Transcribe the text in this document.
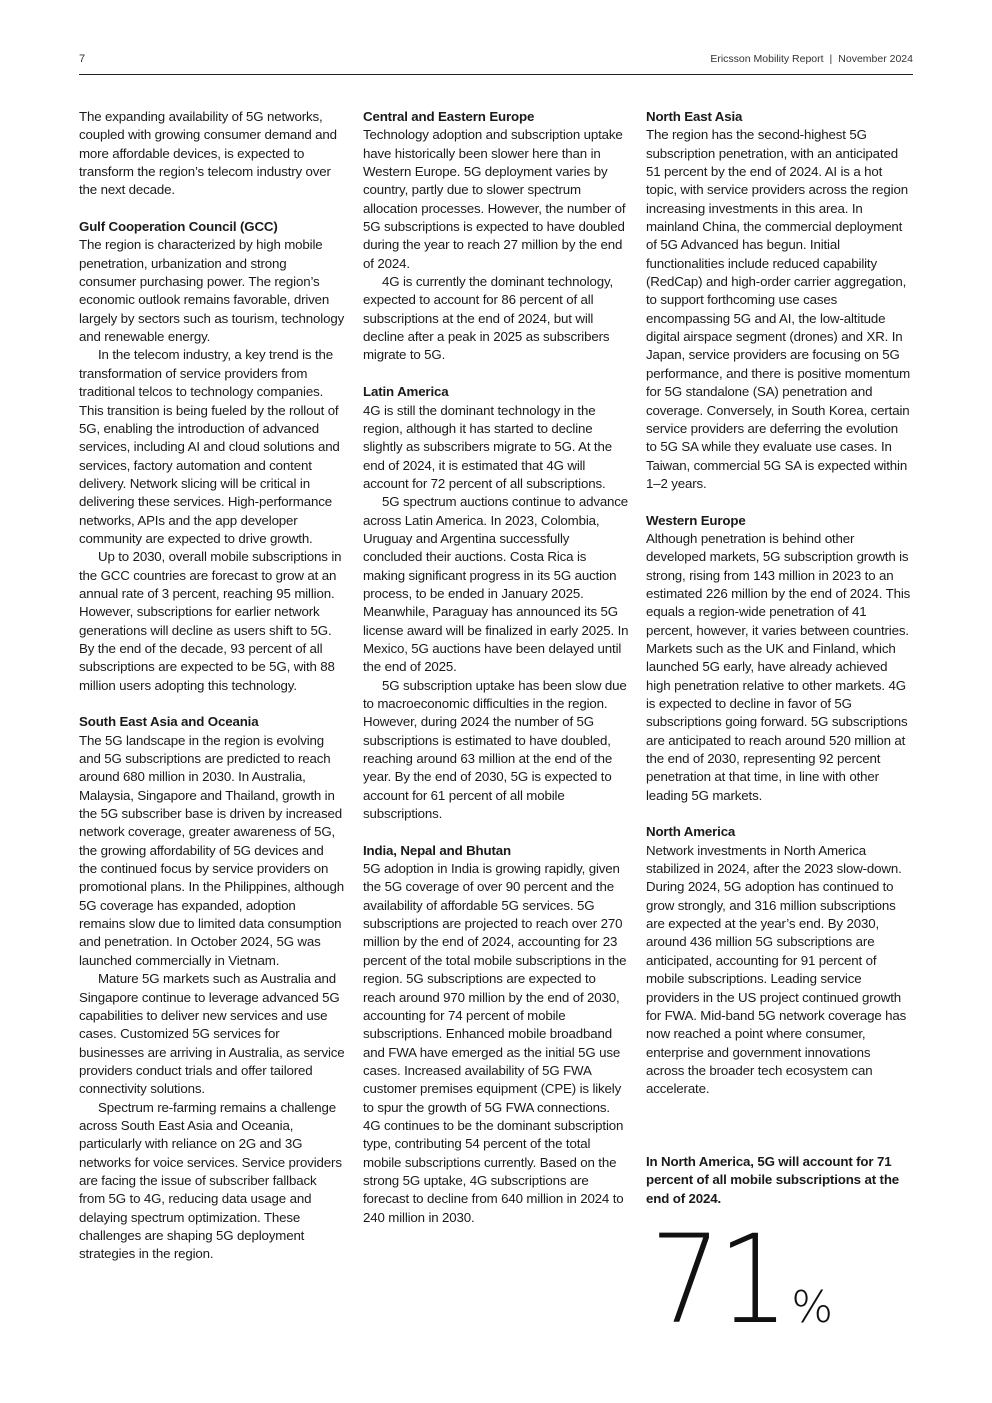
7	Ericsson Mobility Report | November 2024

The expanding availability of 5G networks, coupled with growing consumer demand and more affordable devices, is expected to transform the region’s telecom industry over the next decade.

Gulf Cooperation Council (GCC)

The region is characterized by high mobile penetration, urbanization and strong consumer purchasing power. The region’s economic outlook remains favorable, driven largely by sectors such as tourism, technology and renewable energy.

In the telecom industry, a key trend is the transformation of service providers from traditional telcos to technology companies. This transition is being fueled by the rollout of 5G, enabling the introduction of advanced services, including AI and cloud solutions and services, factory automation and content delivery. Network slicing will be critical in delivering these services. High-performance networks, APIs and the app developer community are expected to drive growth.

Up to 2030, overall mobile subscriptions in the GCC countries are forecast to grow at an annual rate of 3 percent, reaching 95 million. However, subscriptions for earlier network generations will decline as users shift to 5G. By the end of the decade, 93 percent of all subscriptions are expected to be 5G, with 88 million users adopting this technology.

South East Asia and Oceania

The 5G landscape in the region is evolving and 5G subscriptions are predicted to reach around 680 million in 2030. In Australia, Malaysia, Singapore and Thailand, growth in the 5G subscriber base is driven by increased network coverage, greater awareness of 5G, the growing affordability of 5G devices and the continued focus by service providers on promotional plans. In the Philippines, although 5G coverage has expanded, adoption remains slow due to limited data consumption and penetration. In October 2024, 5G was launched commercially in Vietnam.

Mature 5G markets such as Australia and Singapore continue to leverage advanced 5G capabilities to deliver new services and use cases. Customized 5G services for businesses are arriving in Australia, as service providers conduct trials and offer tailored connectivity solutions.

Spectrum re-farming remains a challenge across South East Asia and Oceania, particularly with reliance on 2G and 3G networks for voice services. Service providers are facing the issue of subscriber fallback from 5G to 4G, reducing data usage and delaying spectrum optimization. These challenges are shaping 5G deployment strategies in the region.

Central and Eastern Europe

Technology adoption and subscription uptake have historically been slower here than in Western Europe. 5G deployment varies by country, partly due to slower spectrum allocation processes. However, the number of 5G subscriptions is expected to have doubled during the year to reach 27 million by the end of 2024.

4G is currently the dominant technology, expected to account for 86 percent of all subscriptions at the end of 2024, but will decline after a peak in 2025 as subscribers migrate to 5G.

Latin America

4G is still the dominant technology in the region, although it has started to decline slightly as subscribers migrate to 5G. At the end of 2024, it is estimated that 4G will account for 72 percent of all subscriptions.

5G spectrum auctions continue to advance across Latin America. In 2023, Colombia, Uruguay and Argentina successfully concluded their auctions. Costa Rica is making significant progress in its 5G auction process, to be ended in January 2025. Meanwhile, Paraguay has announced its 5G license award will be finalized in early 2025. In Mexico, 5G auctions have been delayed until the end of 2025.

5G subscription uptake has been slow due to macroeconomic difficulties in the region. However, during 2024 the number of 5G subscriptions is estimated to have doubled, reaching around 63 million at the end of the year. By the end of 2030, 5G is expected to account for 61 percent of all mobile subscriptions.

India, Nepal and Bhutan

5G adoption in India is growing rapidly, given the 5G coverage of over 90 percent and the availability of affordable 5G services. 5G subscriptions are projected to reach over 270 million by the end of 2024, accounting for 23 percent of the total mobile subscriptions in the region. 5G subscriptions are expected to reach around 970 million by the end of 2030, accounting for 74 percent of mobile subscriptions. Enhanced mobile broadband and FWA have emerged as the initial 5G use cases. Increased availability of 5G FWA customer premises equipment (CPE) is likely to spur the growth of 5G FWA connections. 4G continues to be the dominant subscription type, contributing 54 percent of the total mobile subscriptions currently. Based on the strong 5G uptake, 4G subscriptions are forecast to decline from 640 million in 2024 to 240 million in 2030.

North East Asia

The region has the second-highest 5G subscription penetration, with an anticipated 51 percent by the end of 2024. AI is a hot topic, with service providers across the region increasing investments in this area. In mainland China, the commercial deployment of 5G Advanced has begun. Initial functionalities include reduced capability (RedCap) and high-order carrier aggregation, to support forthcoming use cases encompassing 5G and AI, the low-altitude digital airspace segment (drones) and XR. In Japan, service providers are focusing on 5G performance, and there is positive momentum for 5G standalone (SA) penetration and coverage. Conversely, in South Korea, certain service providers are deferring the evolution to 5G SA while they evaluate use cases. In Taiwan, commercial 5G SA is expected within 1–2 years.

Western Europe

Although penetration is behind other developed markets, 5G subscription growth is strong, rising from 143 million in 2023 to an estimated 226 million by the end of 2024. This equals a region-wide penetration of 41 percent, however, it varies between countries. Markets such as the UK and Finland, which launched 5G early, have already achieved high penetration relative to other markets. 4G is expected to decline in favor of 5G subscriptions going forward. 5G subscriptions are anticipated to reach around 520 million at the end of 2030, representing 92 percent penetration at that time, in line with other leading 5G markets.

North America

Network investments in North America stabilized in 2024, after the 2023 slow-down. During 2024, 5G adoption has continued to grow strongly, and 316 million subscriptions are expected at the year’s end. By 2030, around 436 million 5G subscriptions are anticipated, accounting for 91 percent of mobile subscriptions. Leading service providers in the US project continued growth for FWA. Mid-band 5G network coverage has now reached a point where consumer, enterprise and government innovations across the broader tech ecosystem can accelerate.

In North America, 5G will account for 71 percent of all mobile subscriptions at the end of 2024.
71 %
